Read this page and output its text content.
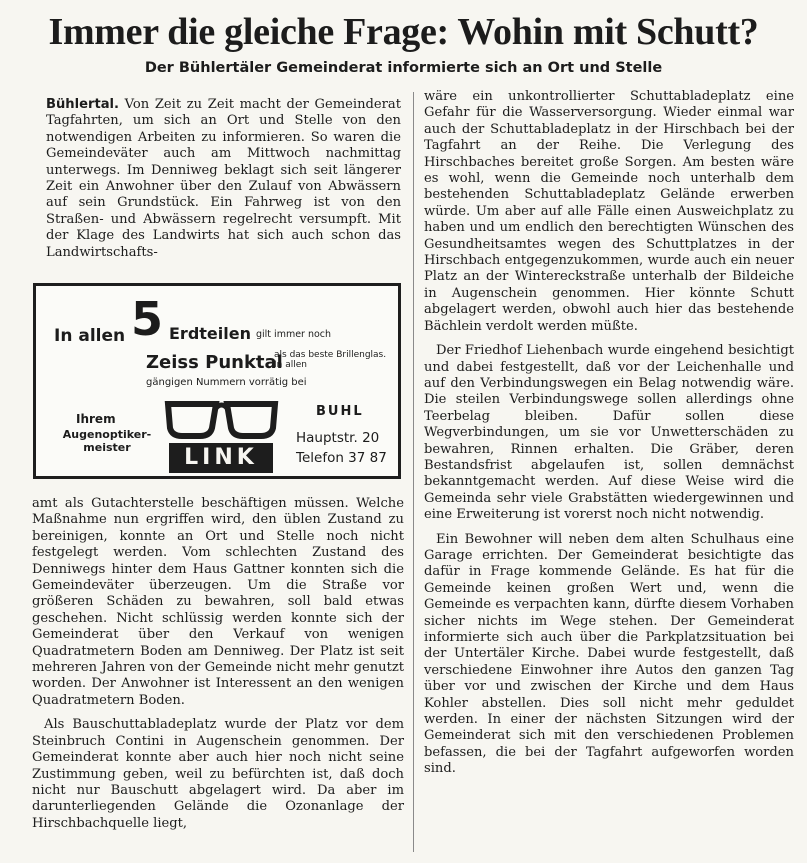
Immer die gleiche Frage: Wohin mit Schutt?
Der Bühlertäler Gemeinderat informierte sich an Ort und Stelle

Bühlertal. Von Zeit zu Zeit macht der Gemeinderat Tagfahrten, um sich an Ort und Stelle von den notwendigen Arbeiten zu informieren. So waren die Gemeindeväter auch am Mittwoch nachmittag unterwegs. Im Denniweg beklagt sich seit längerer Zeit ein Anwohner über den Zulauf von Abwässern auf sein Grundstück. Ein Fahrweg ist von den Straßen- und Abwässern regelrecht versumpft. Mit der Klage des Landwirts hat sich auch schon das Landwirtschafts-

In allen 5 Erdteilen gilt immer noch
Zeiss Punktal
als das beste Brillenglas. In allen
gängigen Nummern vorrätig bei
Ihrem
Augenoptiker-meister	LINK
BUHL
Hauptstr. 20
Telefon 37 87

amt als Gutachterstelle beschäftigen müssen. Welche Maßnahme nun ergriffen wird, den üblen Zustand zu bereinigen, konnte an Ort und Stelle noch nicht festgelegt werden. Vom schlechten Zustand des Denniwegs hinter dem Haus Gattner konnten sich die Gemeindeväter überzeugen. Um die Straße vor größeren Schäden zu bewahren, soll bald etwas geschehen. Nicht schlüssig werden konnte sich der Gemeinderat über den Verkauf von wenigen Quadratmetern Boden am Denniweg. Der Platz ist seit mehreren Jahren von der Gemeinde nicht mehr genutzt worden. Der Anwohner ist Interessent an den wenigen Quadratmetern Boden.

Als Bauschuttabladeplatz wurde der Platz vor dem Steinbruch Contini in Augenschein genommen. Der Gemeinderat konnte aber auch hier noch nicht seine Zustimmung geben, weil zu befürchten ist, daß doch nicht nur Bauschutt abgelagert wird. Da aber im darunterliegenden Gelände die Ozonanlage der Hirschbachquelle liegt,

wäre ein unkontrollierter Schuttabladeplatz eine Gefahr für die Wasserversorgung. Wieder einmal war auch der Schuttabladeplatz in der Hirschbach bei der Tagfahrt an der Reihe. Die Verlegung des Hirschbaches bereitet große Sorgen. Am besten wäre es wohl, wenn die Gemeinde noch unterhalb dem bestehenden Schuttabladeplatz Gelände erwerben würde. Um aber auf alle Fälle einen Ausweichplatz zu haben und um endlich den berechtigten Wünschen des Gesundheitsamtes wegen des Schuttplatzes in der Hirschbach entgegenzukommen, wurde auch ein neuer Platz an der Wintereckstraße unterhalb der Bildeiche in Augenschein genommen. Hier könnte Schutt abgelagert werden, obwohl auch hier das bestehende Bächlein verdolt werden müßte.

Der Friedhof Liehenbach wurde eingehend besichtigt und dabei festgestellt, daß vor der Leichenhalle und auf den Verbindungswegen ein Belag notwendig wäre. Die steilen Verbindungswege sollen allerdings ohne Teerbelag bleiben. Dafür sollen diese Wegverbindungen, um sie vor Unwetterschäden zu bewahren, Rinnen erhalten. Die Gräber, deren Bestandsfrist abgelaufen ist, sollen demnächst bekanntgemacht werden. Auf diese Weise wird die Gemeinda sehr viele Grabstätten wiedergewinnen und eine Erweiterung ist vorerst noch nicht notwendig.

Ein Bewohner will neben dem alten Schulhaus eine Garage errichten. Der Gemeinderat besichtigte das dafür in Frage kommende Gelände. Es hat für die Gemeinde keinen großen Wert und, wenn die Gemeinde es verpachten kann, dürfte diesem Vorhaben sicher nichts im Wege stehen. Der Gemeinderat informierte sich auch über die Parkplatzsituation bei der Untertäler Kirche. Dabei wurde festgestellt, daß verschiedene Einwohner ihre Autos den ganzen Tag über vor und zwischen der Kirche und dem Haus Kohler abstellen. Dies soll nicht mehr geduldet werden. In einer der nächsten Sitzungen wird der Gemeinderat sich mit den verschiedenen Problemen befassen, die bei der Tagfahrt aufgeworfen worden sind.
